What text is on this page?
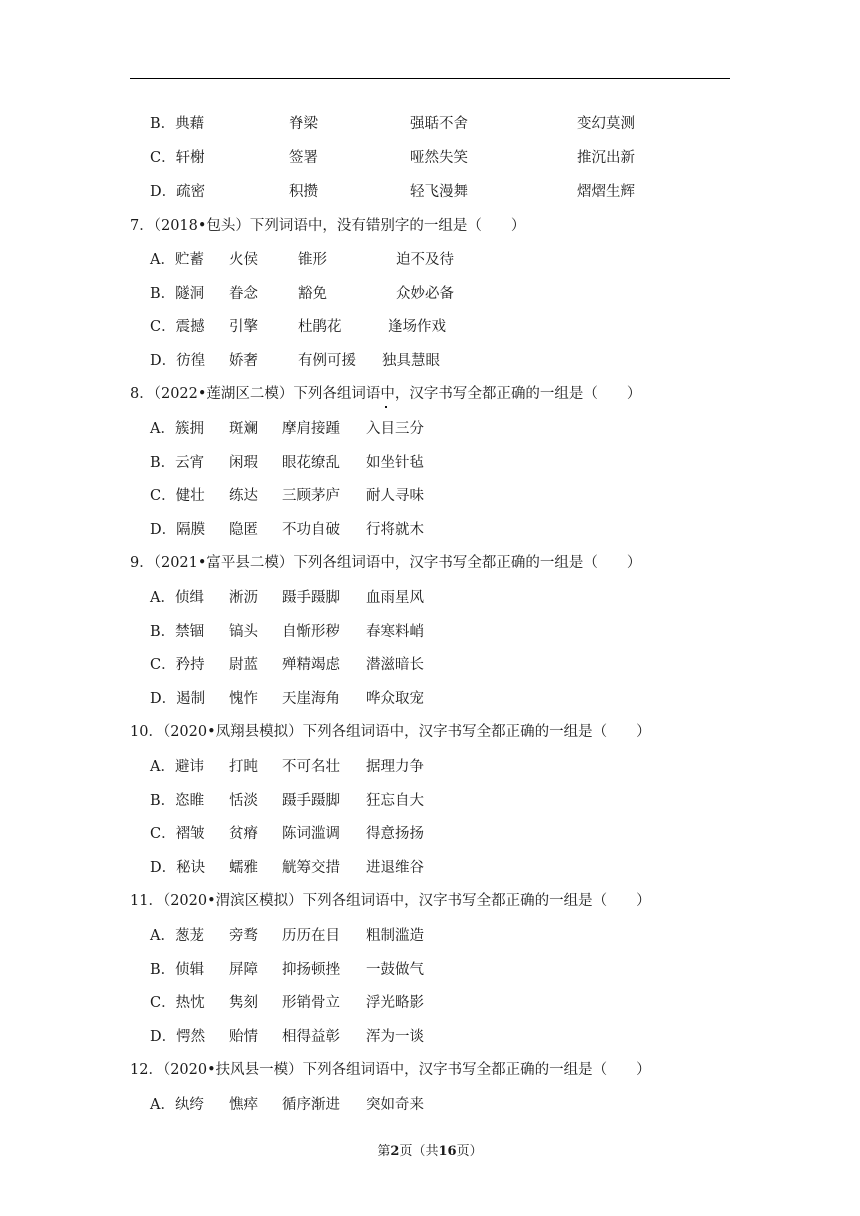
B．典藉	脊梁	强聒不舍	变幻莫测
C．轩榭	签署	哑然失笑	推沉出新
D．疏密	积攒	轻飞漫舞	熠熠生辉
7．（2018•包头）下列词语中，没有错别字的一组是（　　）
A．贮蓄 火侯	锥形	迫不及待
B．隧洞 眷念	豁免	众妙必备
C．震撼 引擎	杜鹃花	逢场作戏
D．彷徨 娇奢	有例可援 独具慧眼
8．（2022•莲湖区二模）下列各组词语中，汉字书写全都正确的一组是（　　）
A．簇拥 斑斓 摩肩接踵 入目三分
B．云宵 闲瑕 眼花缭乱 如坐针毡
C．健壮 练达 三顾茅庐 耐人寻味
D．隔膜 隐匿 不功自破 行将就木
9．（2021•富平县二模）下列各组词语中，汉字书写全都正确的一组是（　　）
A．侦缉 淅沥 蹑手蹑脚 血雨星风
B．禁锢 镐头 自惭形秽 春寒料峭
C．矜持 尉蓝 殚精竭虑 潜滋暗长
D．遏制 愧怍 天崖海角 哗众取宠
10．（2020•凤翔县模拟）下列各组词语中，汉字书写全都正确的一组是（　　）
A．避讳 打盹 不可名壮 据理力争
B．恣睢 恬淡 蹑手蹑脚 狂忘自大
C．褶皱 贫瘠 陈词滥调 得意扬扬
D．秘诀 蠕雅 觥筹交措 进退维谷
11．（2020•渭滨区模拟）下列各组词语中，汉字书写全都正确的一组是（　　）
A．葱茏 旁骛 历历在目 粗制滥造
B．侦辑 屏障 抑扬顿挫 一鼓做气
C．热忱 隽刻 形销骨立 浮光略影
D．愕然 贻情 相得益彰 浑为一谈
12．（2020•扶风县一模）下列各组词语中，汉字书写全都正确的一组是（　　）
A．纨绔 憔瘁 循序渐进 突如奇来
第2页（共16页）
